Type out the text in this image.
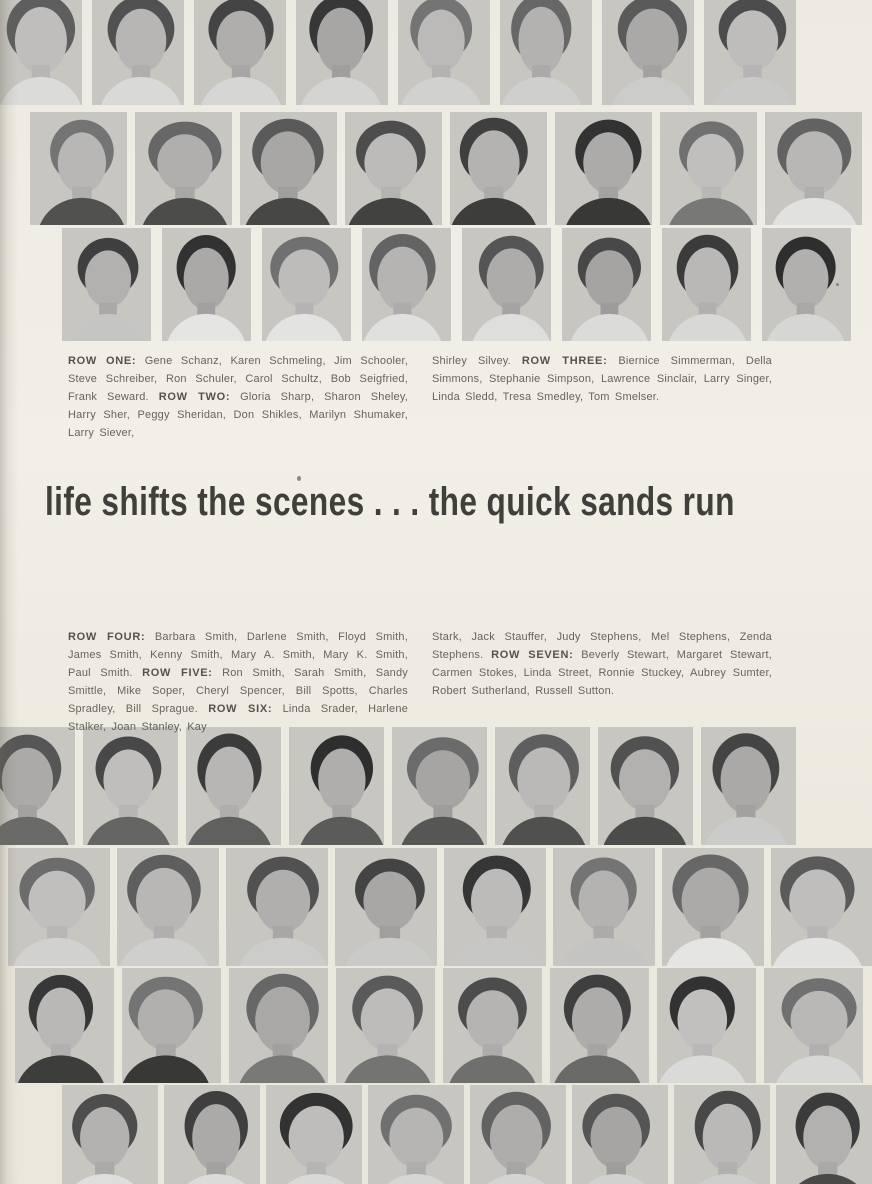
ROW ONE: Gene Schanz, Karen Schmeling, Jim Schooler, Steve Schreiber, Ron Schuler, Carol Schultz, Bob Seigfried, Frank Seward. ROW TWO: Gloria Sharp, Sharon Sheley, Harry Sher, Peggy Sheridan, Don Shikles, Marilyn Shumaker, Larry Siever,
Shirley Silvey. ROW THREE: Biernice Simmerman, Della Simmons, Stephanie Simpson, Lawrence Sinclair, Larry Singer, Linda Sledd, Tresa Smedley, Tom Smelser.
life shifts the scenes . . . the quick sands run
ROW FOUR: Barbara Smith, Darlene Smith, Floyd Smith, James Smith, Kenny Smith, Mary A. Smith, Mary K. Smith, Paul Smith. ROW FIVE: Ron Smith, Sarah Smith, Sandy Smittle, Mike Soper, Cheryl Spencer, Bill Spotts, Charles Spradley, Bill Sprague. ROW SIX: Linda Srader, Harlene Stalker, Joan Stanley, Kay
Stark, Jack Stauffer, Judy Stephens, Mel Stephens, Zenda Stephens. ROW SEVEN: Beverly Stewart, Margaret Stewart, Carmen Stokes, Linda Street, Ronnie Stuckey, Aubrey Sumter, Robert Sutherland, Russell Sutton.
